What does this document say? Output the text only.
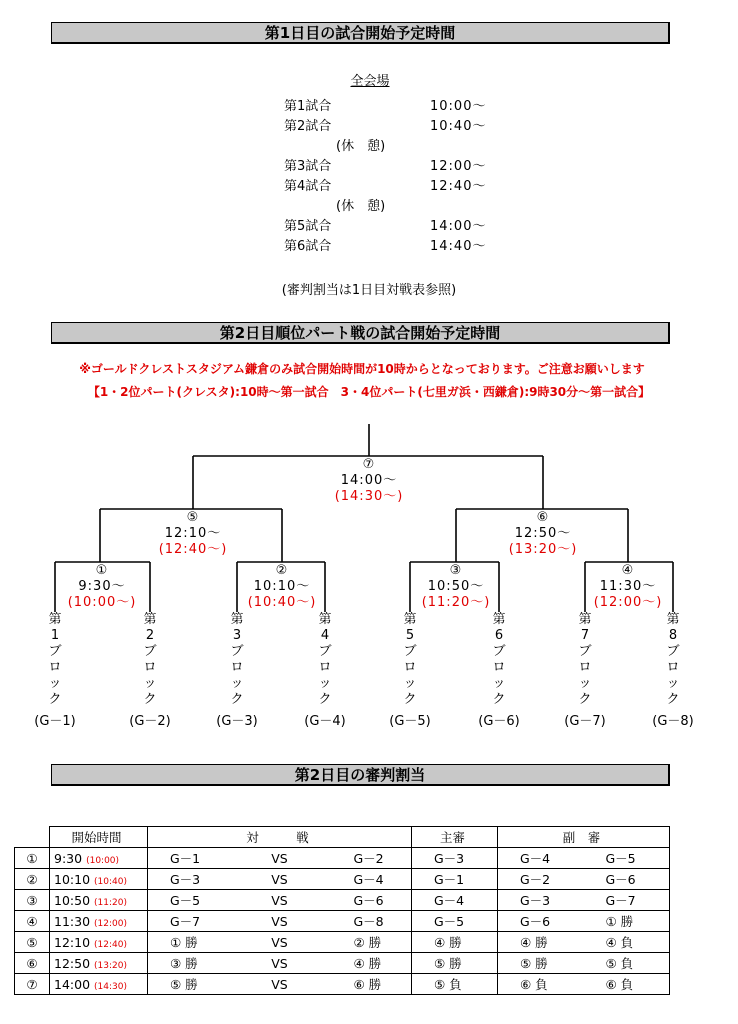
第1日目の試合開始予定時間
全会場
第1試合	10:00〜
第2試合	10:40〜
(休　憩)
第3試合	12:00〜
第4試合	12:40〜
(休　憩)
第5試合	14:00〜
第6試合	14:40〜
(審判割当は1日目対戦表参照)
第2日目順位パート戦の試合開始予定時間
※ゴールドクレストスタジアム鎌倉のみ試合開始時間が10時からとなっております。ご注意お願いします
【1・2位パート(クレスタ):10時〜第一試合　3・4位パート(七里ガ浜・西鎌倉):9時30分〜第一試合】
①
9:30〜
(10:00〜)
②
10:10〜
(10:40〜)
③
10:50〜
(11:20〜)
④
11:30〜
(12:00〜)
⑤
12:10〜
(12:40〜)
⑥
12:50〜
(13:20〜)
⑦
14:00〜
(14:30〜)
第
1
ブ
ロ
ッ
ク
(G－1)
第
2
ブ
ロ
ッ
ク
(G－2)
第
3
ブ
ロ
ッ
ク
(G－3)
第
4
ブ
ロ
ッ
ク
(G－4)
第
5
ブ
ロ
ッ
ク
(G－5)
第
6
ブ
ロ
ッ
ク
(G－6)
第
7
ブ
ロ
ッ
ク
(G－7)
第
8
ブ
ロ
ッ
ク
(G－8)
第2日目の審判割当
	開始時間	対　　　戦			主審	副　審	
①	9:30 (10:00)	G－1	VS	G－2	G－3	G－4	G－5
②	10:10 (10:40)	G－3	VS	G－4	G－1	G－2	G－6
③	10:50 (11:20)	G－5	VS	G－6	G－4	G－3	G－7
④	11:30 (12:00)	G－7	VS	G－8	G－5	G－6	① 勝
⑤	12:10 (12:40)	① 勝	VS	② 勝	④ 勝	④ 勝	④ 負
⑥	12:50 (13:20)	③ 勝	VS	④ 勝	⑤ 勝	⑤ 勝	⑤ 負
⑦	14:00 (14:30)	⑤ 勝	VS	⑥ 勝	⑤ 負	⑥ 負	⑥ 負
